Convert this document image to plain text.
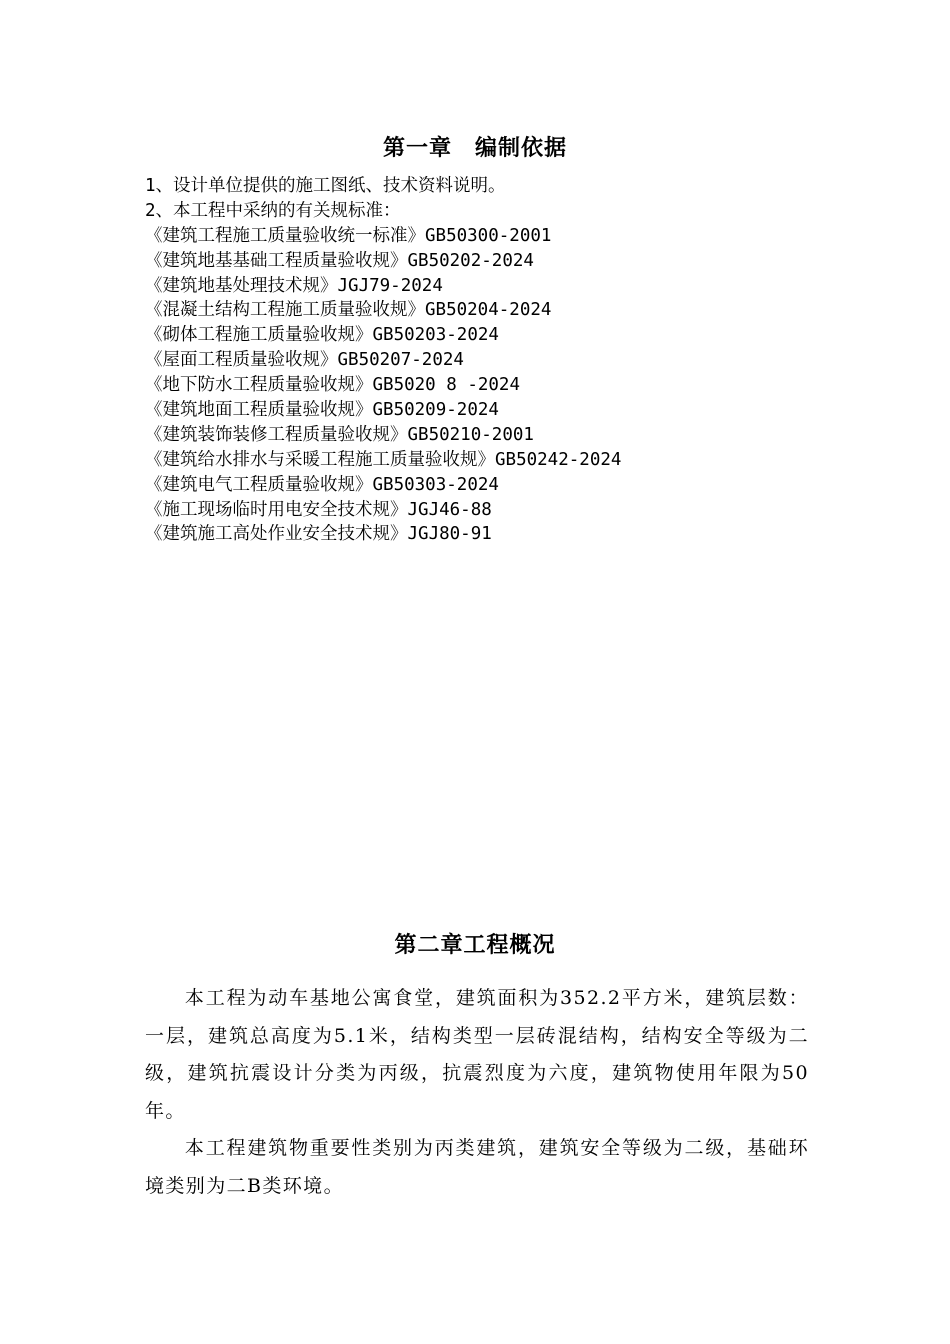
第一章　编制依据
1、设计单位提供的施工图纸、技术资料说明。
2、本工程中采纳的有关规标准：
《建筑工程施工质量验收统一标准》GB50300-2001
《建筑地基基础工程质量验收规》GB50202-2024
《建筑地基处理技术规》JGJ79-2024
《混凝土结构工程施工质量验收规》GB50204-2024
《砌体工程施工质量验收规》GB50203-2024
《屋面工程质量验收规》GB50207-2024
《地下防水工程质量验收规》GB5020 8 -2024
《建筑地面工程质量验收规》GB50209-2024
《建筑装饰装修工程质量验收规》GB50210-2001
《建筑给水排水与采暖工程施工质量验收规》GB50242-2024
《建筑电气工程质量验收规》GB50303-2024
《施工现场临时用电安全技术规》JGJ46-88
《建筑施工高处作业安全技术规》JGJ80-91
第二章工程概况

本工程为动车基地公寓食堂，建筑面积为352.2平方米，建筑层数：一层，建筑总高度为5.1米，结构类型一层砖混结构，结构安全等级为二级，建筑抗震设计分类为丙级，抗震烈度为六度，建筑物使用年限为50年。

本工程建筑物重要性类别为丙类建筑，建筑安全等级为二级，基础环境类别为二B类环境。
